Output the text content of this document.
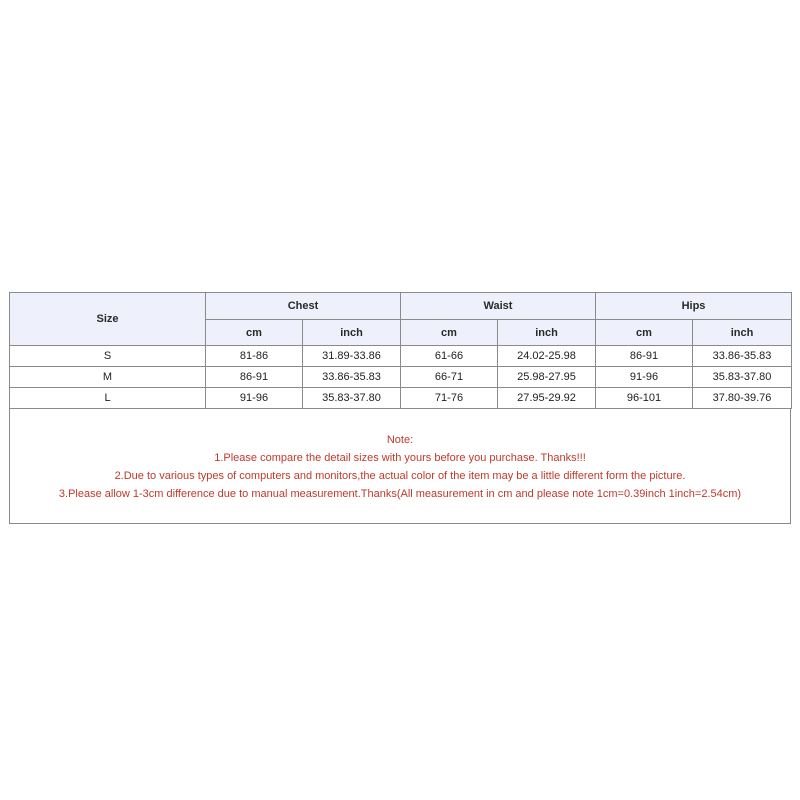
Size	Chest		Waist		Hips	
	cm	inch	cm	inch	cm	inch
S	81-86	31.89-33.86	61-66	24.02-25.98	86-91	33.86-35.83
M	86-91	33.86-35.83	66-71	25.98-27.95	91-96	35.83-37.80
L	91-96	35.83-37.80	71-76	27.95-29.92	96-101	37.80-39.76
Note:
1.Please compare the detail sizes with yours before you purchase. Thanks!!!
2.Due to various types of computers and monitors,the actual color of the item may be a little different form the picture.
3.Please allow 1-3cm difference due to manual measurement.Thanks(All measurement in cm and please note 1cm=0.39inch 1inch=2.54cm)
